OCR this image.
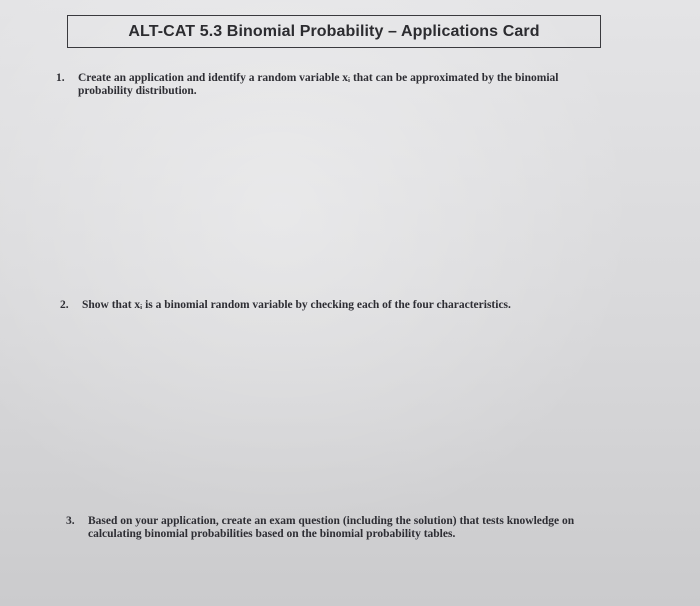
ALT-CAT 5.3 Binomial Probability – Applications Card
1.	Create an application and identify a random variable xᵢ that can be approximated by the binomial probability distribution.
2.	Show that xᵢ is a binomial random variable by checking each of the four characteristics.
3.	Based on your application, create an exam question (including the solution) that tests knowledge on calculating binomial probabilities based on the binomial probability tables.
